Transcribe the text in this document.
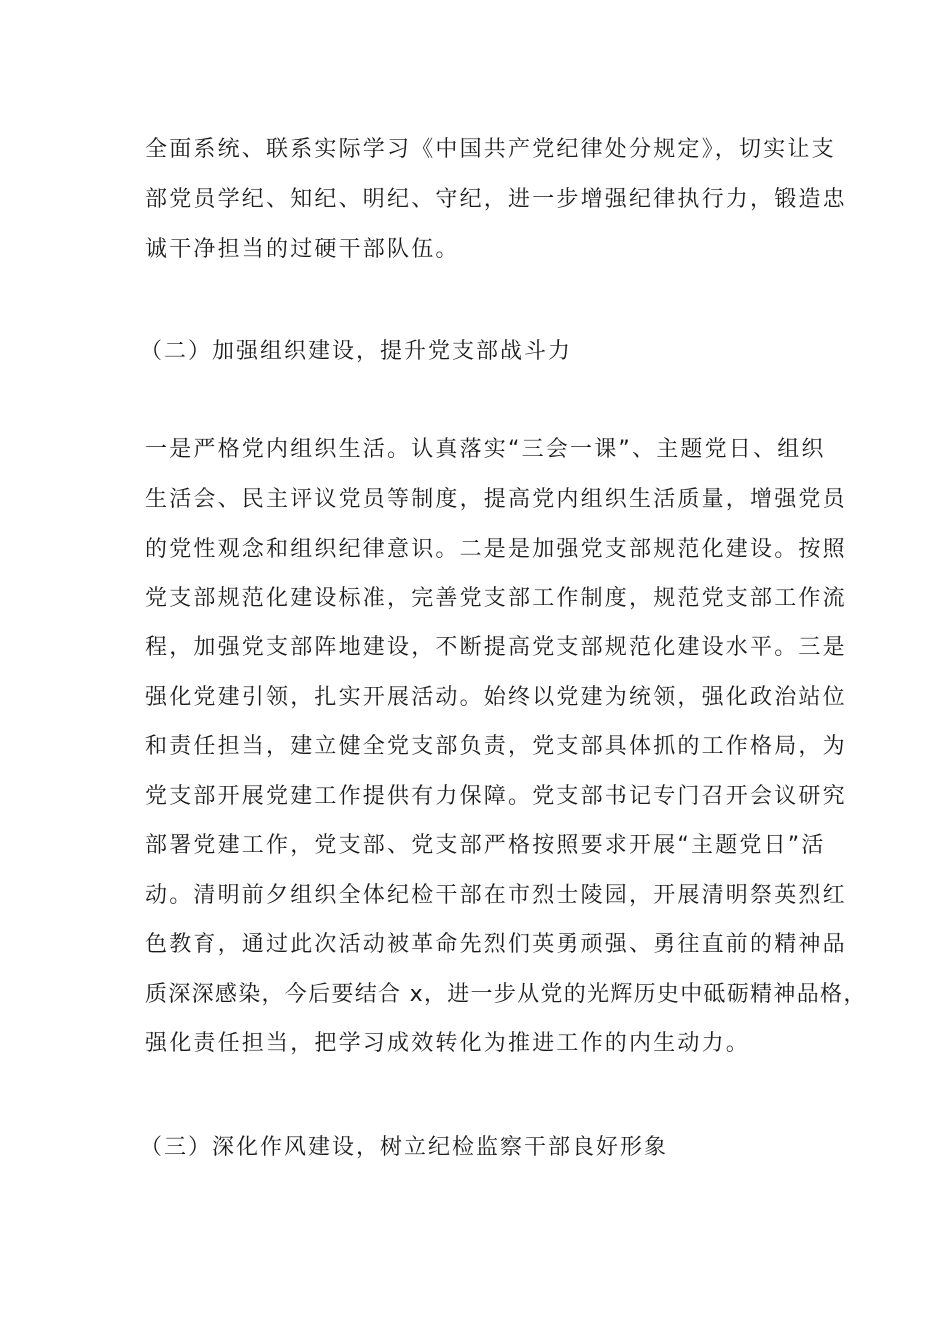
全面系统、联系实际学习《中国共产党纪律处分规定》，切实让支
部党员学纪、知纪、明纪、守纪，进一步增强纪律执行力，锻造忠
诚干净担当的过硬干部队伍。
（二）加强组织建设，提升党支部战斗力
一是严格党内组织生活。认真落实“三会一课”、主题党日、组织
生活会、民主评议党员等制度，提高党内组织生活质量，增强党员
的党性观念和组织纪律意识。二是是加强党支部规范化建设。按照
党支部规范化建设标准，完善党支部工作制度，规范党支部工作流
程，加强党支部阵地建设，不断提高党支部规范化建设水平。三是
强化党建引领，扎实开展活动。始终以党建为统领，强化政治站位
和责任担当，建立健全党支部负责，党支部具体抓的工作格局，为
党支部开展党建工作提供有力保障。党支部书记专门召开会议研究
部署党建工作，党支部、党支部严格按照要求开展“主题党日”活
动。清明前夕组织全体纪检干部在市烈士陵园，开展清明祭英烈红
色教育，通过此次活动被革命先烈们英勇顽强、勇往直前的精神品
质深深感染，今后要结合 x，进一步从党的光辉历史中砥砺精神品格，
强化责任担当，把学习成效转化为推进工作的内生动力。
（三）深化作风建设，树立纪检监察干部良好形象
